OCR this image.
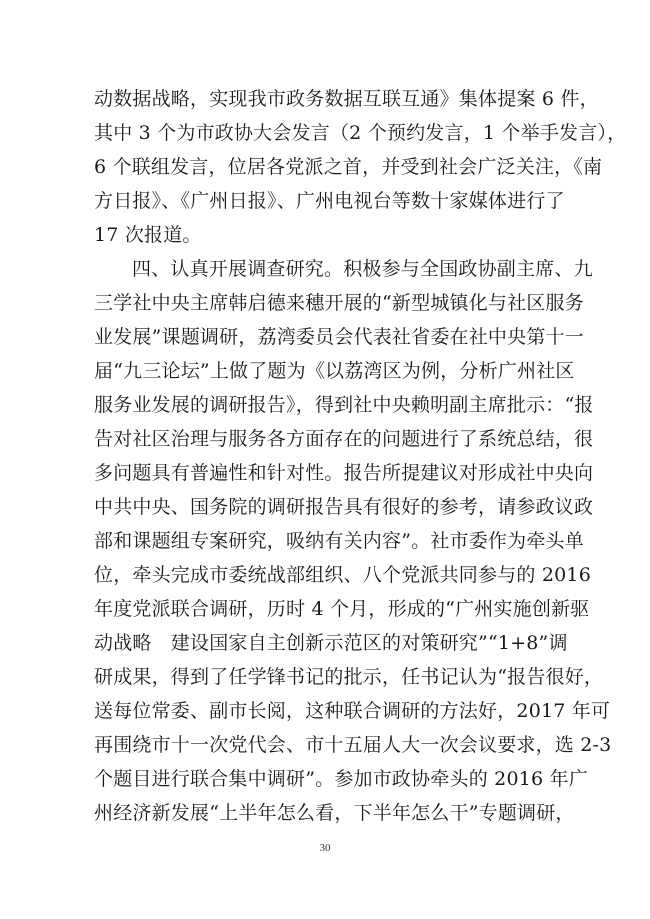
动数据战略，实现我市政务数据互联互通》集体提案 6 件，
其中 3 个为市政协大会发言（2 个预约发言，1 个举手发言），
6 个联组发言，位居各党派之首，并受到社会广泛关注，《南
方日报》、《广州日报》、广州电视台等数十家媒体进行了
17 次报道。
四、认真开展调查研究。积极参与全国政协副主席、九
三学社中央主席韩启德来穗开展的“新型城镇化与社区服务
业发展”课题调研，荔湾委员会代表社省委在社中央第十一
届“九三论坛”上做了题为《以荔湾区为例，分析广州社区
服务业发展的调研报告》，得到社中央赖明副主席批示：“报
告对社区治理与服务各方面存在的问题进行了系统总结，很
多问题具有普遍性和针对性。报告所提建议对形成社中央向
中共中央、国务院的调研报告具有很好的参考，请参政议政
部和课题组专案研究，吸纳有关内容”。社市委作为牵头单
位，牵头完成市委统战部组织、八个党派共同参与的 2016
年度党派联合调研，历时 4 个月，形成的“广州实施创新驱
动战略　建设国家自主创新示范区的对策研究”“1+8”调
研成果，得到了任学锋书记的批示，任书记认为“报告很好，
送每位常委、副市长阅，这种联合调研的方法好，2017 年可
再围绕市十一次党代会、市十五届人大一次会议要求，选 2-3
个题目进行联合集中调研”。参加市政协牵头的 2016 年广
州经济新发展“上半年怎么看，下半年怎么干”专题调研，
30
